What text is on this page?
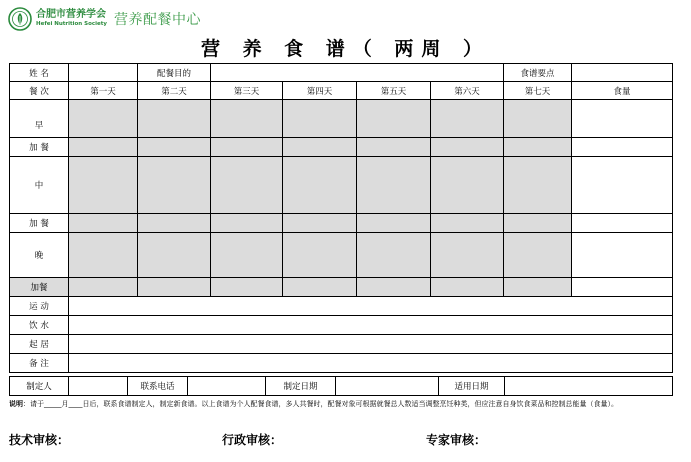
合肥市营养学会
Hefei Nutrition Society 营养配餐中心
营 养 食 谱（ 两周 ）
姓 名		配餐目的					食谱要点	
餐 次	第一天	第二天	第三天	第四天	第五天	第六天	第七天	食量
早								
加 餐								
中								
加 餐								
晚								
加餐								
运 动								
饮 水								
起 居								
备 注								
制定人		联系电话		制定日期		适用日期	
说明：请于_____月____日后，联系食谱制定人，制定新食谱。以上食谱为个人配餐食谱，多人共餐时，配餐对象可根据就餐总人数适当调整烹饪种类，但应注意自身饮食菜品和控制总能量（食量）。
技术审核：	行政审核：	专家审核：
